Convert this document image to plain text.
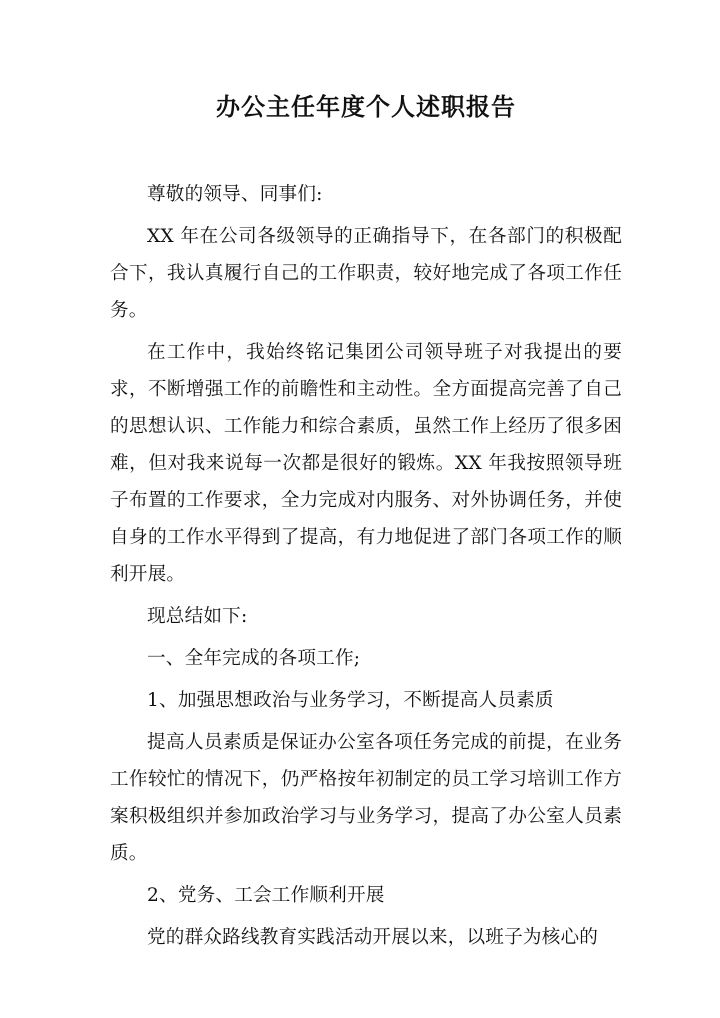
办公主任年度个人述职报告

尊敬的领导、同事们:

XX 年在公司各级领导的正确指导下，在各部门的积极配合下，我认真履行自己的工作职责，较好地完成了各项工作任务。

在工作中，我始终铭记集团公司领导班子对我提出的要求，不断增强工作的前瞻性和主动性。全方面提高完善了自己的思想认识、工作能力和综合素质，虽然工作上经历了很多困难，但对我来说每一次都是很好的锻炼。XX 年我按照领导班子布置的工作要求，全力完成对内服务、对外协调任务，并使自身的工作水平得到了提高，有力地促进了部门各项工作的顺利开展。

现总结如下:

一、全年完成的各项工作;

1、加强思想政治与业务学习，不断提高人员素质

提高人员素质是保证办公室各项任务完成的前提，在业务工作较忙的情况下，仍严格按年初制定的员工学习培训工作方案积极组织并参加政治学习与业务学习，提高了办公室人员素质。

2、党务、工会工作顺利开展

党的群众路线教育实践活动开展以来，以班子为核心的
